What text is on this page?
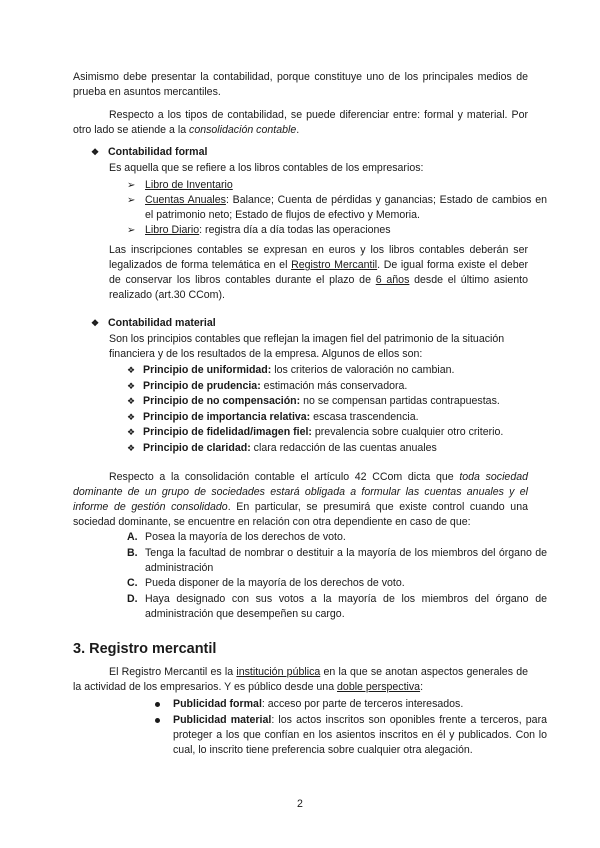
Asimismo debe presentar la contabilidad, porque constituye uno de los principales medios de prueba en asuntos mercantiles.

Respecto a los tipos de contabilidad, se puede diferenciar entre: formal y material. Por otro lado se atiende a la consolidación contable.

❖ Contabilidad formal

Es aquella que se refiere a los libros contables de los empresarios:

➢ Libro de Inventario
➢ Cuentas Anuales: Balance; Cuenta de pérdidas y ganancias; Estado de cambios en el patrimonio neto; Estado de flujos de efectivo y Memoria.
➢ Libro Diario: registra día a día todas las operaciones

Las inscripciones contables se expresan en euros y los libros contables deberán ser legalizados de forma telemática en el Registro Mercantil. De igual forma existe el deber de conservar los libros contables durante el plazo de 6 años desde el último asiento realizado (art.30 CCom).

❖ Contabilidad material

Son los principios contables que reflejan la imagen fiel del patrimonio de la situación financiera y de los resultados de la empresa. Algunos de ellos son:

❖ Principio de uniformidad: los criterios de valoración no cambian.
❖ Principio de prudencia: estimación más conservadora.
❖ Principio de no compensación: no se compensan partidas contrapuestas.
❖ Principio de importancia relativa: escasa trascendencia.
❖ Principio de fidelidad/imagen fiel: prevalencia sobre cualquier otro criterio.
❖ Principio de claridad: clara redacción de las cuentas anuales

Respecto a la consolidación contable el artículo 42 CCom dicta que toda sociedad dominante de un grupo de sociedades estará obligada a formular las cuentas anuales y el informe de gestión consolidado. En particular, se presumirá que existe control cuando una sociedad dominante, se encuentre en relación con otra dependiente en caso de que:

A. Posea la mayoría de los derechos de voto.
B. Tenga la facultad de nombrar o destituir a la mayoría de los miembros del órgano de administración
C. Pueda disponer de la mayoría de los derechos de voto.
D. Haya designado con sus votos a la mayoría de los miembros del órgano de administración que desempeñen su cargo.
3. Registro mercantil

El Registro Mercantil es la institución pública en la que se anotan aspectos generales de la actividad de los empresarios. Y es público desde una doble perspectiva:

Publicidad formal: acceso por parte de terceros interesados.
Publicidad material: los actos inscritos son oponibles frente a terceros, para proteger a los que confían en los asientos inscritos en él y publicados. Con lo cual, lo inscrito tiene preferencia sobre cualquier otra alegación.
2
